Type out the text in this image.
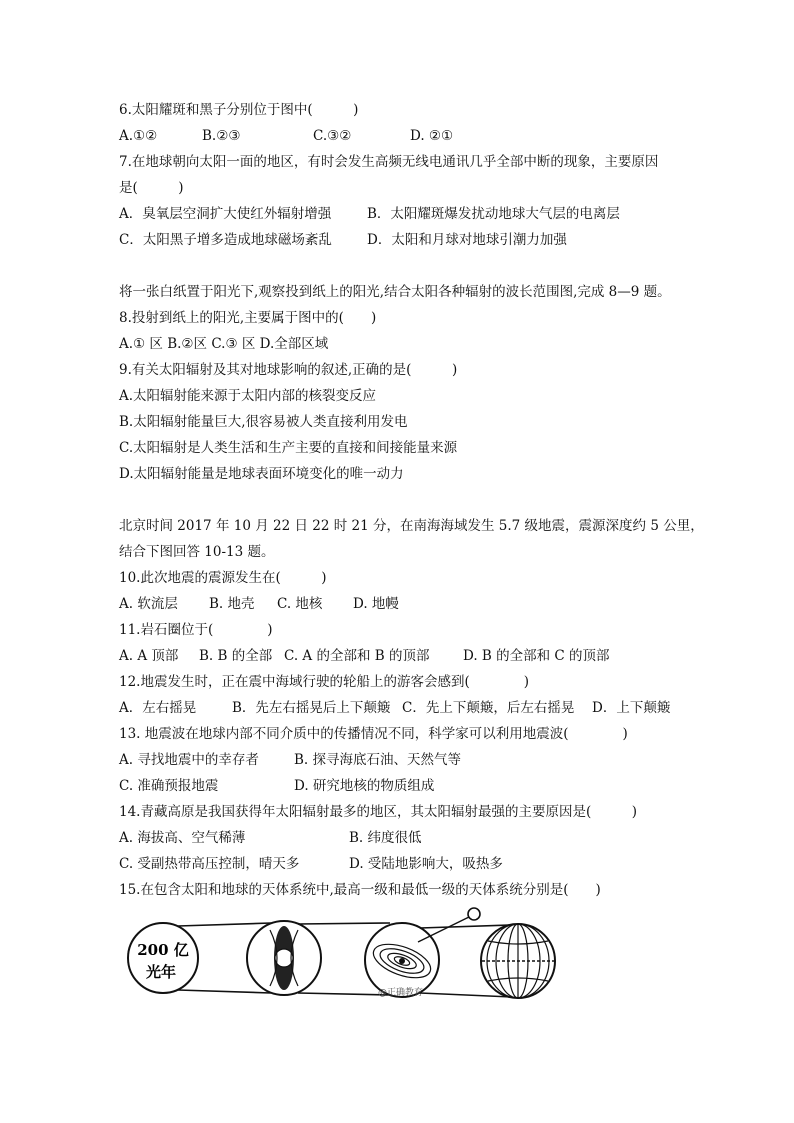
6.太阳耀斑和黑子分别位于图中(　　　)
A.①②	B.②③	C.③②	D. ②①
7.在地球朝向太阳一面的地区，有时会发生高频无线电通讯几乎全部中断的现象，主要原因
是(　　　)
A．臭氧层空洞扩大使红外辐射增强	B．太阳耀斑爆发扰动地球大气层的电离层
C．太阳黑子增多造成地球磁场紊乱	D．太阳和月球对地球引潮力加强
将一张白纸置于阳光下,观察投到纸上的阳光,结合太阳各种辐射的波长范围图,完成 8—9 题。
8.投射到纸上的阳光,主要属于图中的(　　)
A.① 区 B.②区 C.③ 区 D.全部区域
9.有关太阳辐射及其对地球影响的叙述,正确的是(　　　)
A.太阳辐射能来源于太阳内部的核裂变反应
B.太阳辐射能量巨大,很容易被人类直接利用发电
C.太阳辐射是人类生活和生产主要的直接和间接能量来源
D.太阳辐射能量是地球表面环境变化的唯一动力
北京时间 2017 年 10 月 22 日 22 时 21 分，在南海海域发生 5.7 级地震，震源深度约 5 公里，
结合下图回答 10-13 题。
10.此次地震的震源发生在(　　　)
A. 软流层 B. 地壳 C. 地核 D. 地幔
11.岩石圈位于(　　　　)
A. A 顶部 B. B 的全部 C. A 的全部和 B 的顶部 D. B 的全部和 C 的顶部
12.地震发生时，正在震中海域行驶的轮船上的游客会感到(　　　　)
A．左右摇晃	B．先左右摇晃后上下颠簸 C．先上下颠簸，后左右摇晃 D．上下颠簸
13. 地震波在地球内部不同介质中的传播情况不同，科学家可以利用地震波(　　　　)
A. 寻找地震中的幸存者	B. 探寻海底石油、天然气等
C. 准确预报地震	D. 研究地核的物质组成
14.青藏高原是我国获得年太阳辐射最多的地区，其太阳辐射最强的主要原因是(　　　)
A. 海拔高、空气稀薄	B. 纬度很低
C. 受副热带高压控制，晴天多	D. 受陆地影响大，吸热多
15.在包含太阳和地球的天体系统中,最高一级和最低一级的天体系统分别是(　　)
200 亿
光年
@正确教育
